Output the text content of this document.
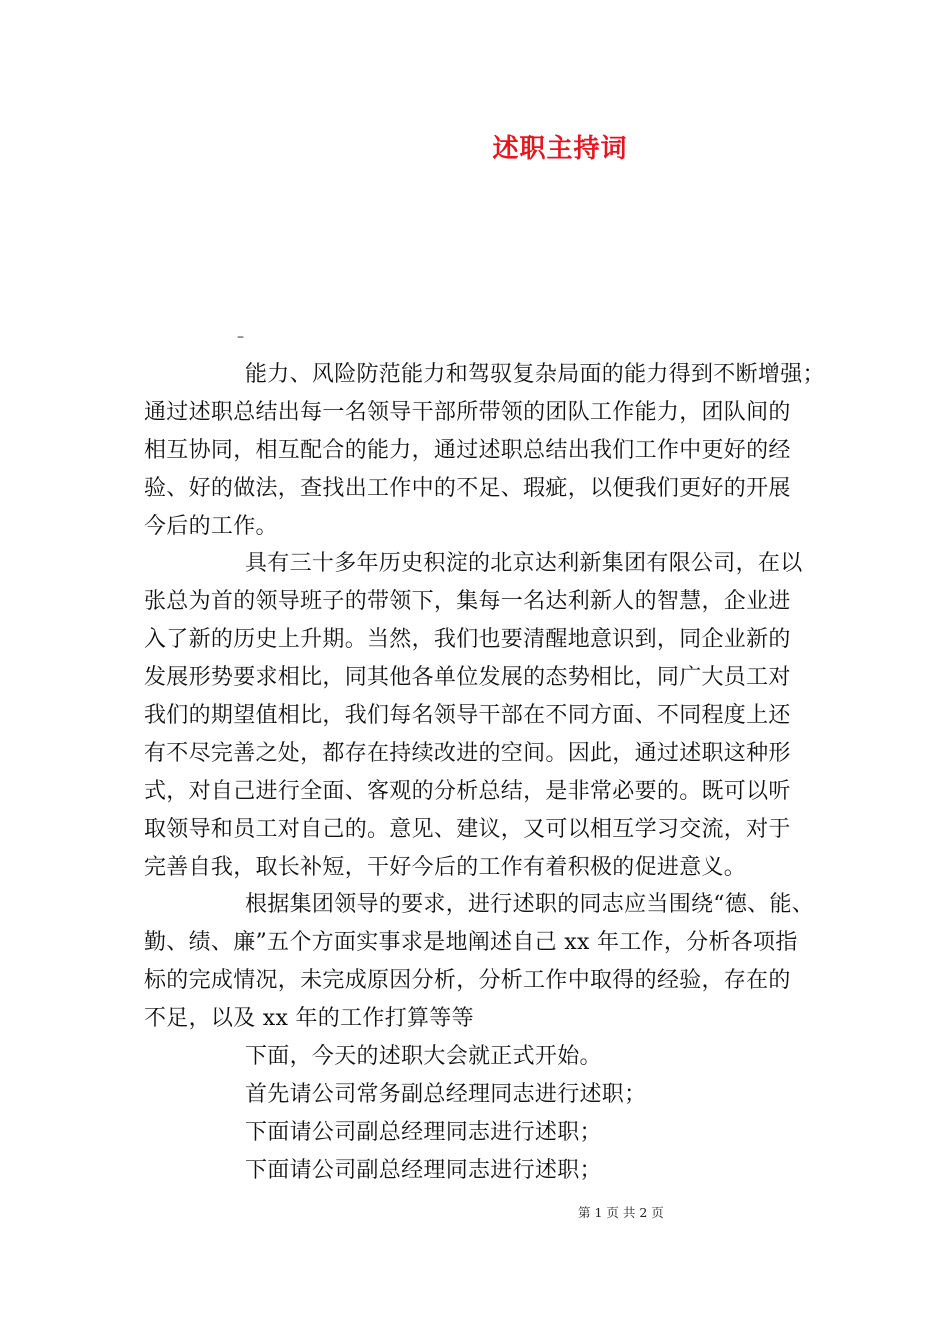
述职主持词
–
能力、风险防范能力和驾驭复杂局面的能力得到不断增强；
通过述职总结出每一名领导干部所带领的团队工作能力，团队间的
相互协同，相互配合的能力，通过述职总结出我们工作中更好的经
验、好的做法，查找出工作中的不足、瑕疵，以便我们更好的开展
今后的工作。
具有三十多年历史积淀的北京达利新集团有限公司，在以
张总为首的领导班子的带领下，集每一名达利新人的智慧，企业进
入了新的历史上升期。当然，我们也要清醒地意识到，同企业新的
发展形势要求相比，同其他各单位发展的态势相比，同广大员工对
我们的期望值相比，我们每名领导干部在不同方面、不同程度上还
有不尽完善之处，都存在持续改进的空间。因此，通过述职这种形
式，对自己进行全面、客观的分析总结，是非常必要的。既可以听
取领导和员工对自己的。意见、建议，又可以相互学习交流，对于
完善自我，取长补短，干好今后的工作有着积极的促进意义。
根据集团领导的要求，进行述职的同志应当围绕“德、能、
勤、绩、廉”五个方面实事求是地阐述自己 xx 年工作，分析各项指
标的完成情况，未完成原因分析，分析工作中取得的经验，存在的
不足，以及 xx 年的工作打算等等
下面，今天的述职大会就正式开始。
首先请公司常务副总经理同志进行述职；
下面请公司副总经理同志进行述职；
下面请公司副总经理同志进行述职；
第 1 页 共 2 页
